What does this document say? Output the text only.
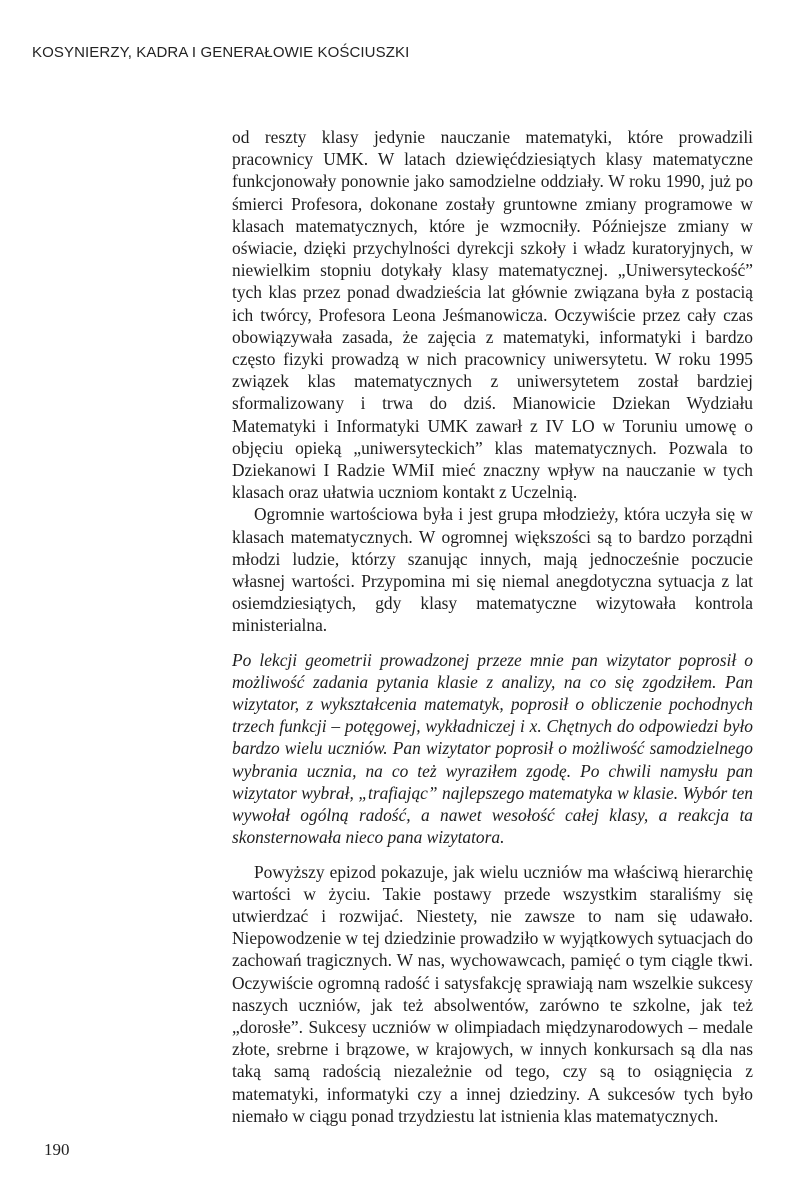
KOSYNIERZY, KADRA I GENERAŁOWIE KOŚCIUSZKI

od reszty klasy jedynie nauczanie matematyki, które prowadzili pracownicy UMK. W latach dziewięćdziesiątych klasy matematyczne funkcjonowały ponownie jako samodzielne oddziały. W roku 1990, już po śmierci Profesora, dokonane zostały gruntowne zmiany programowe w klasach matematycznych, które je wzmocniły. Późniejsze zmiany w oświacie, dzięki przychylności dyrekcji szkoły i władz kuratoryjnych, w niewielkim stopniu dotykały klasy matematycznej. „Uniwersyteckość” tych klas przez ponad dwadzieścia lat głównie związana była z postacią ich twórcy, Profesora Leona Jeśmanowicza. Oczywiście przez cały czas obowiązywała zasada, że zajęcia z matematyki, informatyki i bardzo często fizyki prowadzą w nich pracownicy uniwersytetu. W roku 1995 związek klas matematycznych z uniwersytetem został bardziej sformalizowany i trwa do dziś. Mianowicie Dziekan Wydziału Matematyki i Informatyki UMK zawarł z IV LO w Toruniu umowę o objęciu opieką „uniwersyteckich” klas matematycznych. Pozwala to Dziekanowi I Radzie WMiI mieć znaczny wpływ na nauczanie w tych klasach oraz ułatwia uczniom kontakt z Uczelnią.

Ogromnie wartościowa była i jest grupa młodzieży, która uczyła się w klasach matematycznych. W ogromnej większości są to bardzo porządni młodzi ludzie, którzy szanując innych, mają jednocześnie poczucie własnej wartości. Przypomina mi się niemal anegdotyczna sytuacja z lat osiemdziesiątych, gdy klasy matematyczne wizytowała kontrola ministerialna.

Po lekcji geometrii prowadzonej przeze mnie pan wizytator poprosił o możliwość zadania pytania klasie z analizy, na co się zgodziłem. Pan wizytator, z wykształcenia matematyk, poprosił o obliczenie pochodnych trzech funkcji – potęgowej, wykładniczej i x. Chętnych do odpowiedzi było bardzo wielu uczniów. Pan wizytator poprosił o możliwość samodzielnego wybrania ucznia, na co też wyraziłem zgodę. Po chwili namysłu pan wizytator wybrał, „trafiając” najlepszego matematyka w klasie. Wybór ten wywołał ogólną radość, a nawet wesołość całej klasy, a reakcja ta skonsternowała nieco pana wizytatora.

Powyższy epizod pokazuje, jak wielu uczniów ma właściwą hierarchię wartości w życiu. Takie postawy przede wszystkim staraliśmy się utwierdzać i rozwijać. Niestety, nie zawsze to nam się udawało. Niepowodzenie w tej dziedzinie prowadziło w wyjątkowych sytuacjach do zachowań tragicznych. W nas, wychowawcach, pamięć o tym ciągle tkwi. Oczywiście ogromną radość i satysfakcję sprawiają nam wszelkie sukcesy naszych uczniów, jak też absolwentów, zarówno te szkolne, jak też „dorosłe”. Sukcesy uczniów w olimpiadach międzynarodowych – medale złote, srebrne i brązowe, w krajowych, w innych konkursach są dla nas taką samą radością niezależnie od tego, czy są to osiągnięcia z matematyki, informatyki czy a innej dziedziny. A sukcesów tych było niemało w ciągu ponad trzydziestu lat istnienia klas matematycznych.

190
